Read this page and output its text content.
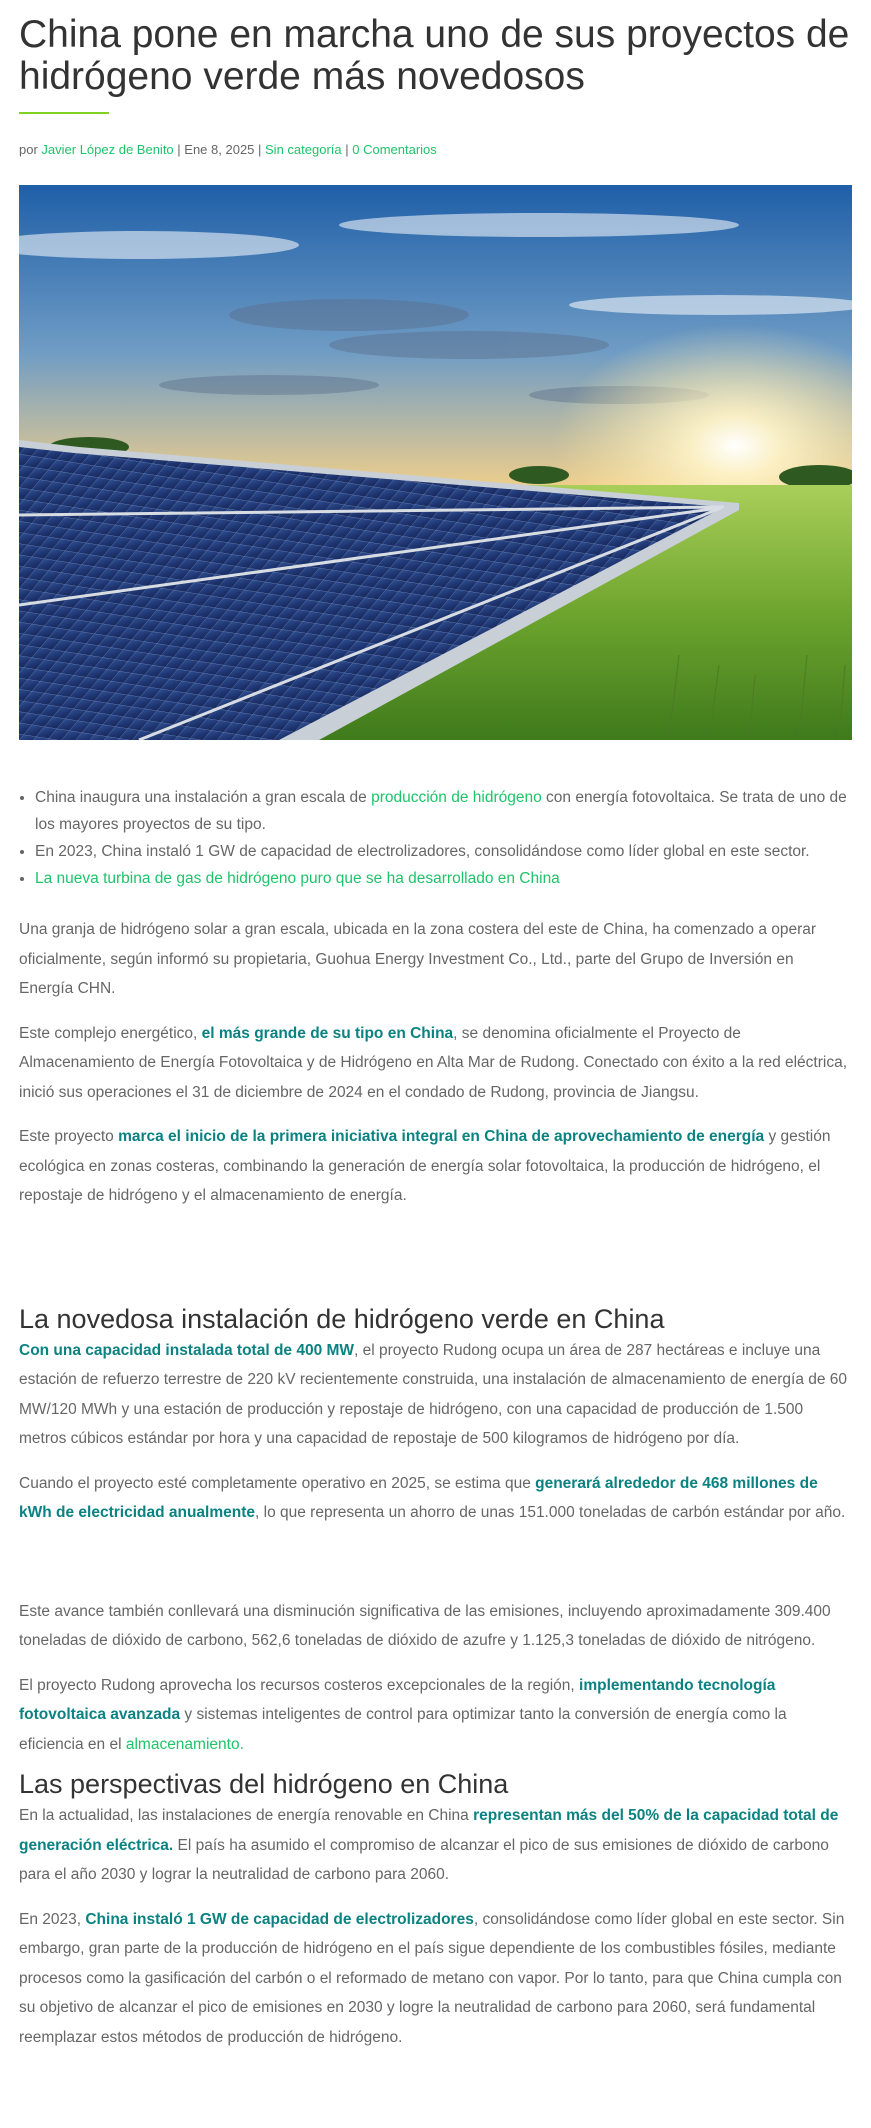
China pone en marcha uno de sus proyectos de hidrógeno verde más novedosos
por Javier López de Benito | Ene 8, 2025 | Sin categoría | 0 Comentarios
• China inaugura una instalación a gran escala de producción de hidrógeno con energía fotovoltaica. Se trata de uno de los mayores proyectos de su tipo.
• En 2023, China instaló 1 GW de capacidad de electrolizadores, consolidándose como líder global en este sector.
• La nueva turbina de gas de hidrógeno puro que se ha desarrollado en China

Una granja de hidrógeno solar a gran escala, ubicada en la zona costera del este de China, ha comenzado a operar oficialmente, según informó su propietaria, Guohua Energy Investment Co., Ltd., parte del Grupo de Inversión en Energía CHN.

Este complejo energético, el más grande de su tipo en China, se denomina oficialmente el Proyecto de Almacenamiento de Energía Fotovoltaica y de Hidrógeno en Alta Mar de Rudong. Conectado con éxito a la red eléctrica, inició sus operaciones el 31 de diciembre de 2024 en el condado de Rudong, provincia de Jiangsu.

Este proyecto marca el inicio de la primera iniciativa integral en China de aprovechamiento de energía y gestión ecológica en zonas costeras, combinando la generación de energía solar fotovoltaica, la producción de hidrógeno, el repostaje de hidrógeno y el almacenamiento de energía.

La novedosa instalación de hidrógeno verde en China

Con una capacidad instalada total de 400 MW, el proyecto Rudong ocupa un área de 287 hectáreas e incluye una estación de refuerzo terrestre de 220 kV recientemente construida, una instalación de almacenamiento de energía de 60 MW/120 MWh y una estación de producción y repostaje de hidrógeno, con una capacidad de producción de 1.500 metros cúbicos estándar por hora y una capacidad de repostaje de 500 kilogramos de hidrógeno por día.

Cuando el proyecto esté completamente operativo en 2025, se estima que generará alrededor de 468 millones de kWh de electricidad anualmente, lo que representa un ahorro de unas 151.000 toneladas de carbón estándar por año.

Este avance también conllevará una disminución significativa de las emisiones, incluyendo aproximadamente 309.400 toneladas de dióxido de carbono, 562,6 toneladas de dióxido de azufre y 1.125,3 toneladas de dióxido de nitrógeno.

El proyecto Rudong aprovecha los recursos costeros excepcionales de la región, implementando tecnología fotovoltaica avanzada y sistemas inteligentes de control para optimizar tanto la conversión de energía como la eficiencia en el almacenamiento.

Las perspectivas del hidrógeno en China

En la actualidad, las instalaciones de energía renovable en China representan más del 50% de la capacidad total de generación eléctrica. El país ha asumido el compromiso de alcanzar el pico de sus emisiones de dióxido de carbono para el año 2030 y lograr la neutralidad de carbono para 2060.

En 2023, China instaló 1 GW de capacidad de electrolizadores, consolidándose como líder global en este sector. Sin embargo, gran parte de la producción de hidrógeno en el país sigue dependiente de los combustibles fósiles, mediante procesos como la gasificación del carbón o el reformado de metano con vapor. Por lo tanto, para que China cumpla con su objetivo de alcanzar el pico de emisiones en 2030 y logre la neutralidad de carbono para 2060, será fundamental reemplazar estos métodos de producción de hidrógeno.
